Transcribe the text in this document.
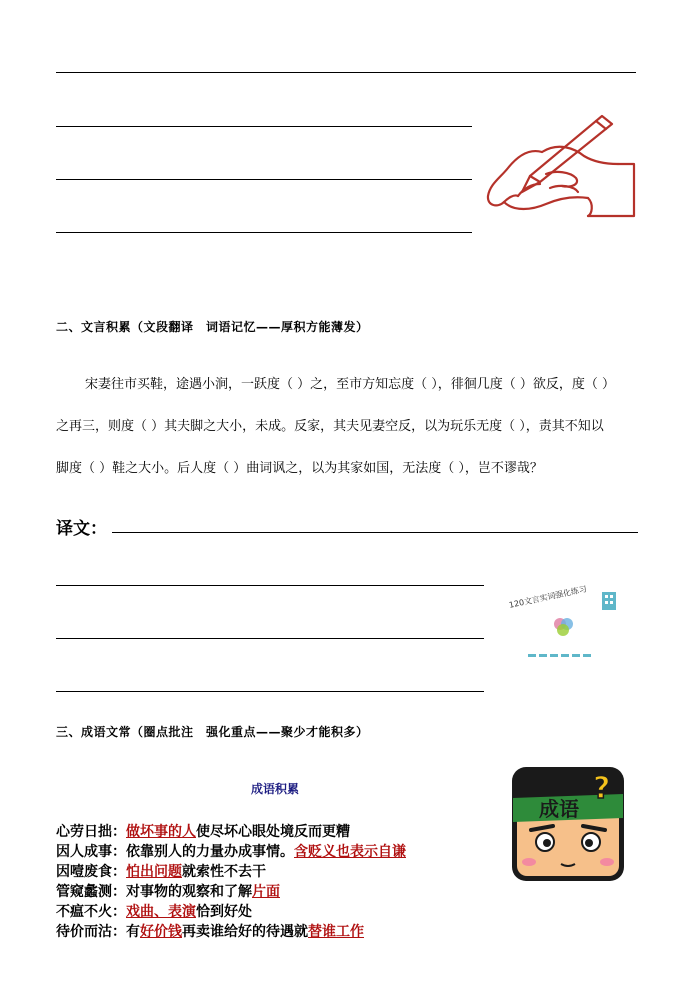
二、文言积累（文段翻译　词语记忆——厚积方能薄发）
宋妻往市买鞋，途遇小涧，一跃度（ ）之，至市方知忘度（ ），徘徊几度（ ）欲反，度（ ）
之再三，则度（ ）其夫脚之大小，未成。反家，其夫见妻空反，以为玩乐无度（ ），责其不知以
脚度（ ）鞋之大小。后人度（ ）曲词讽之，以为其家如国，无法度（ ），岂不谬哉？
译文：
120文言实词强化练习
三、成语文常（圈点批注　强化重点——聚少才能积多）
成语积累
心劳日拙：做坏事的人使尽坏心眼处境反而更糟
因人成事：依靠别人的力量办成事情。含贬义也表示自谦
因噎废食：怕出问题就索性不去干
管窥蠡测：对事物的观察和了解片面
不瘟不火：戏曲、表演恰到好处
待价而沽：有好价钱再卖谁给好的待遇就替谁工作
成语
?
